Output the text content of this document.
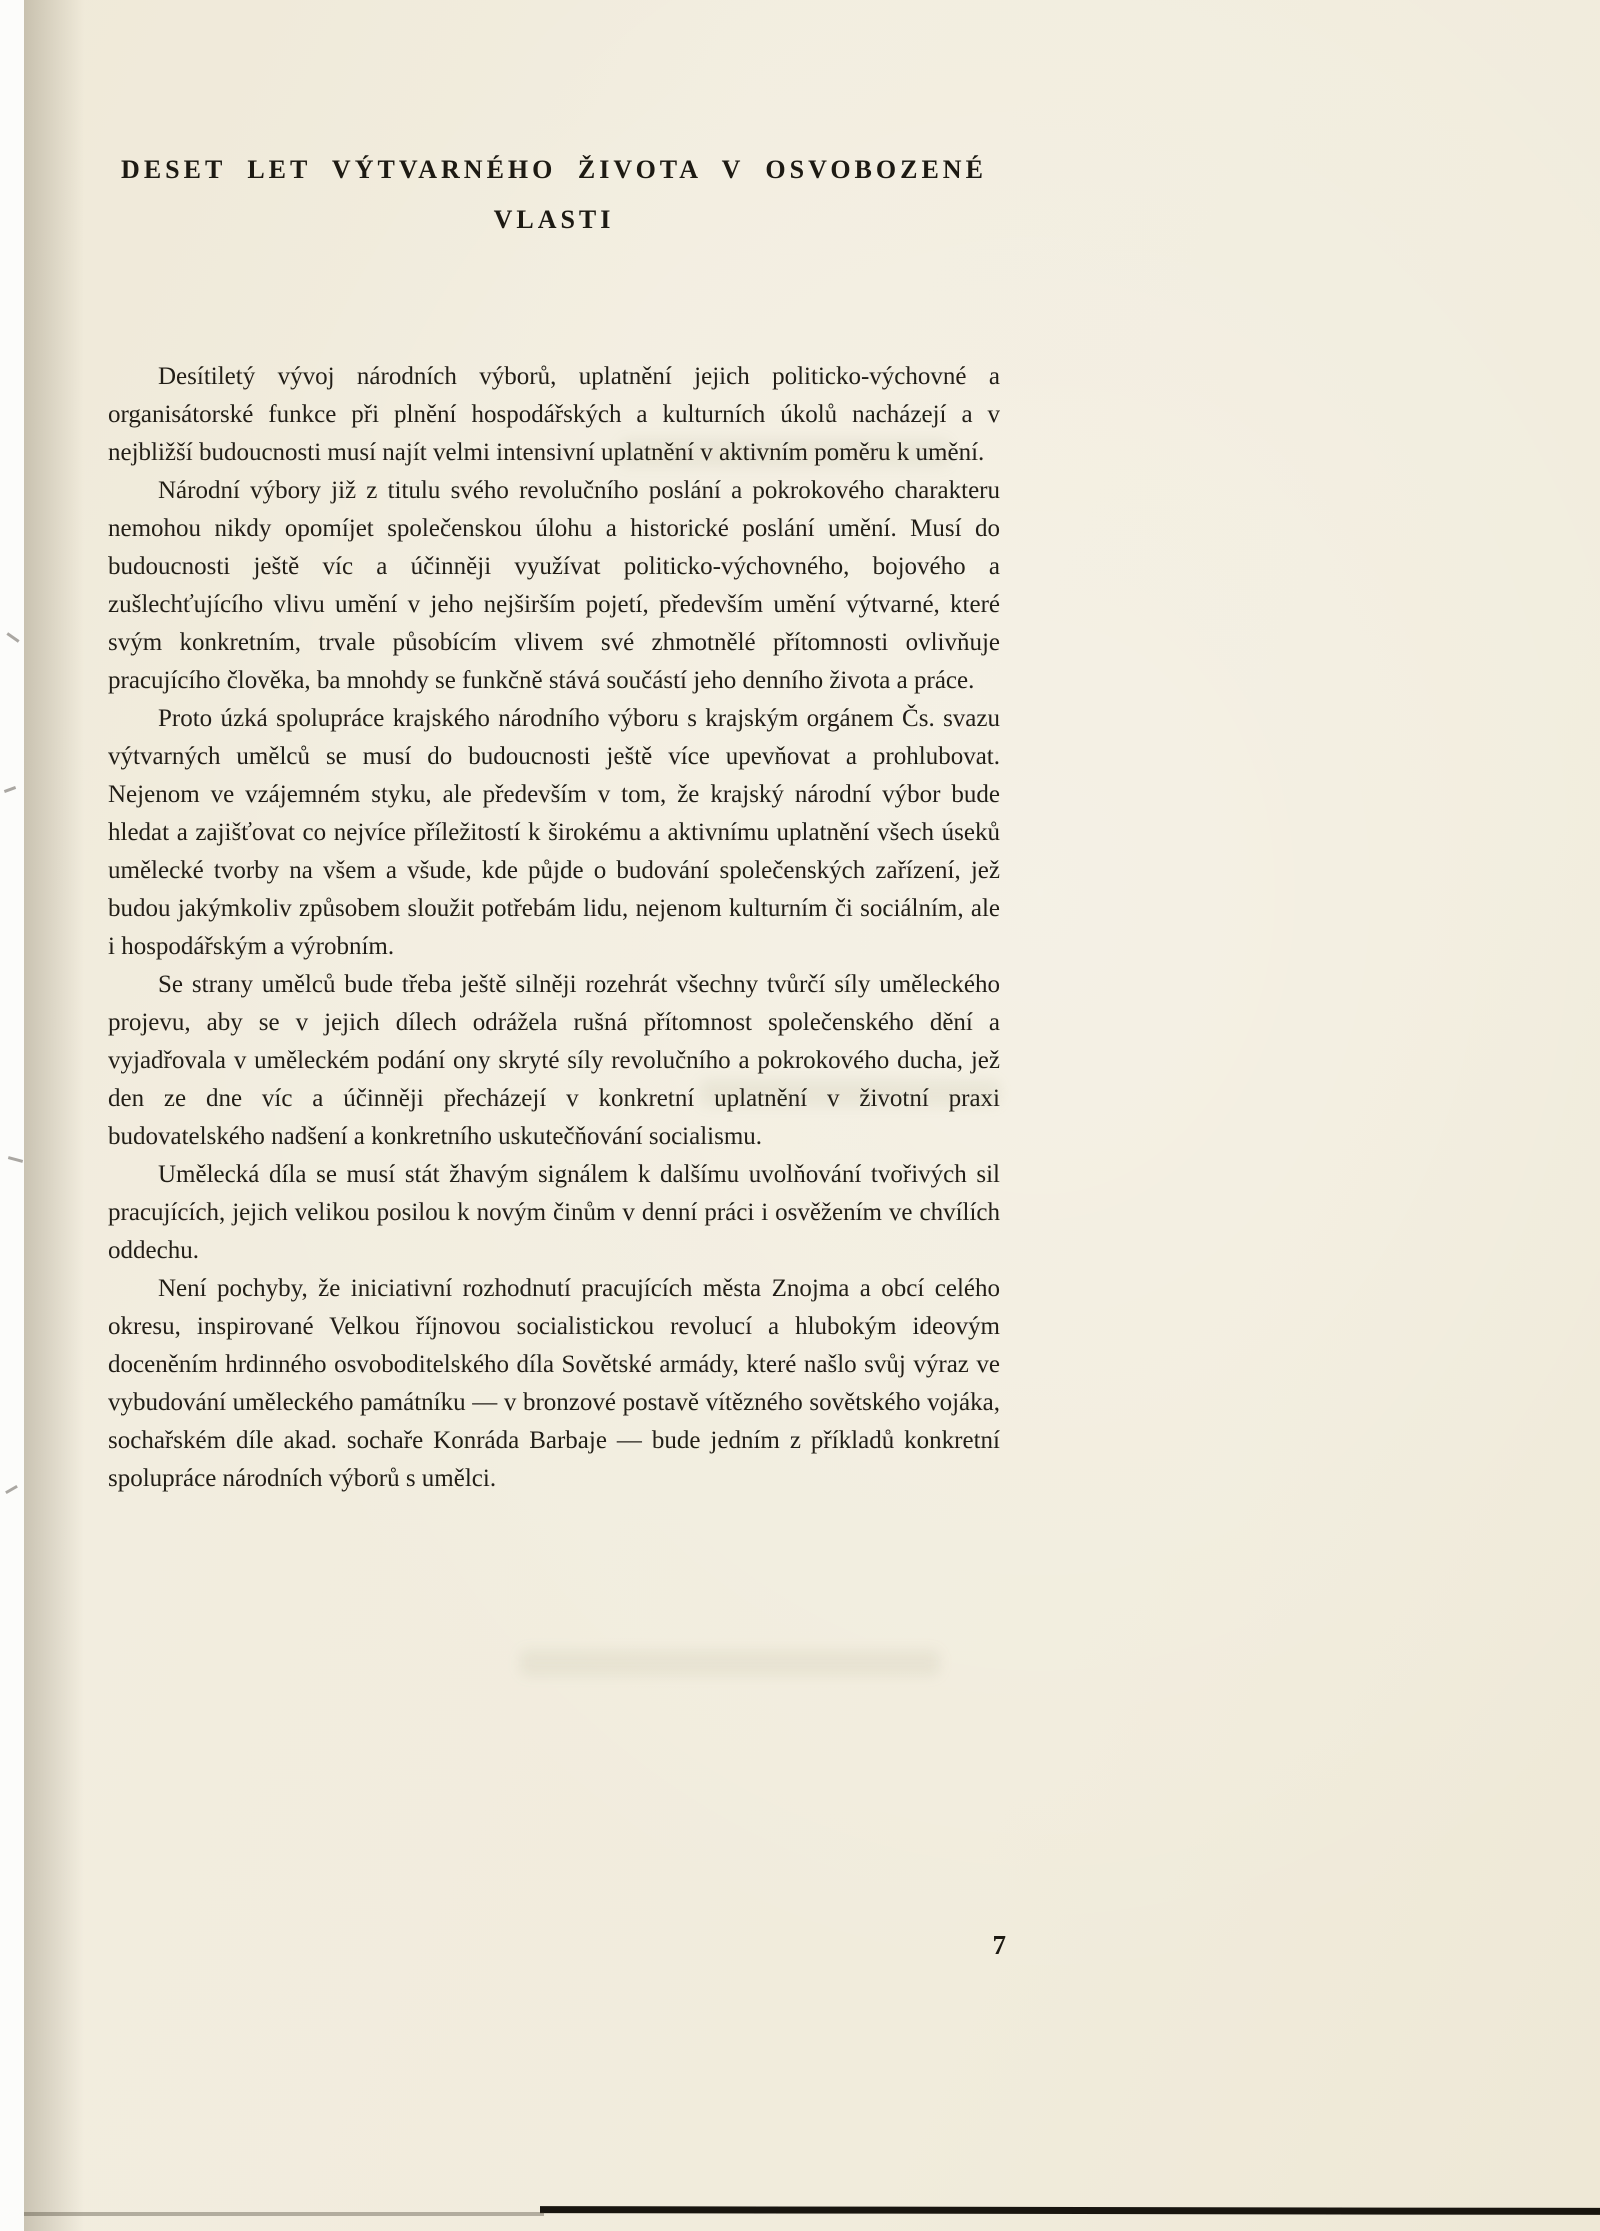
DESET LET VÝTVARNÉHO ŽIVOTA V OSVOBOZENÉ
VLASTI

Desítiletý vývoj národních výborů, uplatnění jejich politicko-výchovné a organisátorské funkce při plnění hospodářských a kulturních úkolů nacházejí a v nejbližší budoucnosti musí najít velmi intensivní uplatnění v aktivním poměru k umění.

Národní výbory již z titulu svého revolučního poslání a pokrokového charakteru nemohou nikdy opomíjet společenskou úlohu a historické poslání umění. Musí do budoucnosti ještě víc a účinněji využívat politicko-výchovného, bojového a zušlechťujícího vlivu umění v jeho nejširším pojetí, především umění výtvarné, které svým konkretním, trvale působícím vlivem své zhmotnělé přítomnosti ovlivňuje pracujícího člověka, ba mnohdy se funkčně stává součástí jeho denního života a práce.

Proto úzká spolupráce krajského národního výboru s krajským orgánem Čs. svazu výtvarných umělců se musí do budoucnosti ještě více upevňovat a prohlubovat. Nejenom ve vzájemném styku, ale především v tom, že krajský národní výbor bude hledat a zajišťovat co nejvíce příležitostí k širokému a aktivnímu uplatnění všech úseků umělecké tvorby na všem a všude, kde půjde o budování společenských zařízení, jež budou jakýmkoliv způsobem sloužit potřebám lidu, nejenom kulturním či sociálním, ale i hospodářským a výrobním.

Se strany umělců bude třeba ještě silněji rozehrát všechny tvůrčí síly uměleckého projevu, aby se v jejich dílech odrážela rušná přítomnost společenského dění a vyjadřovala v uměleckém podání ony skryté síly revolučního a pokrokového ducha, jež den ze dne víc a účinněji přecházejí v konkretní uplatnění v životní praxi budovatelského nadšení a konkretního uskutečňování socialismu.

Umělecká díla se musí stát žhavým signálem k dalšímu uvolňování tvořivých sil pracujících, jejich velikou posilou k novým činům v denní práci i osvěžením ve chvílích oddechu.

Není pochyby, že iniciativní rozhodnutí pracujících města Znojma a obcí celého okresu, inspirované Velkou říjnovou socialistickou revolucí a hlubokým ideovým doceněním hrdinného osvoboditelského díla Sovětské armády, které našlo svůj výraz ve vybudování uměleckého památníku — v bronzové postavě vítězného sovětského vojáka, sochařském díle akad. sochaře Konráda Barbaje — bude jedním z příkladů konkretní spolupráce národních výborů s umělci.

7
